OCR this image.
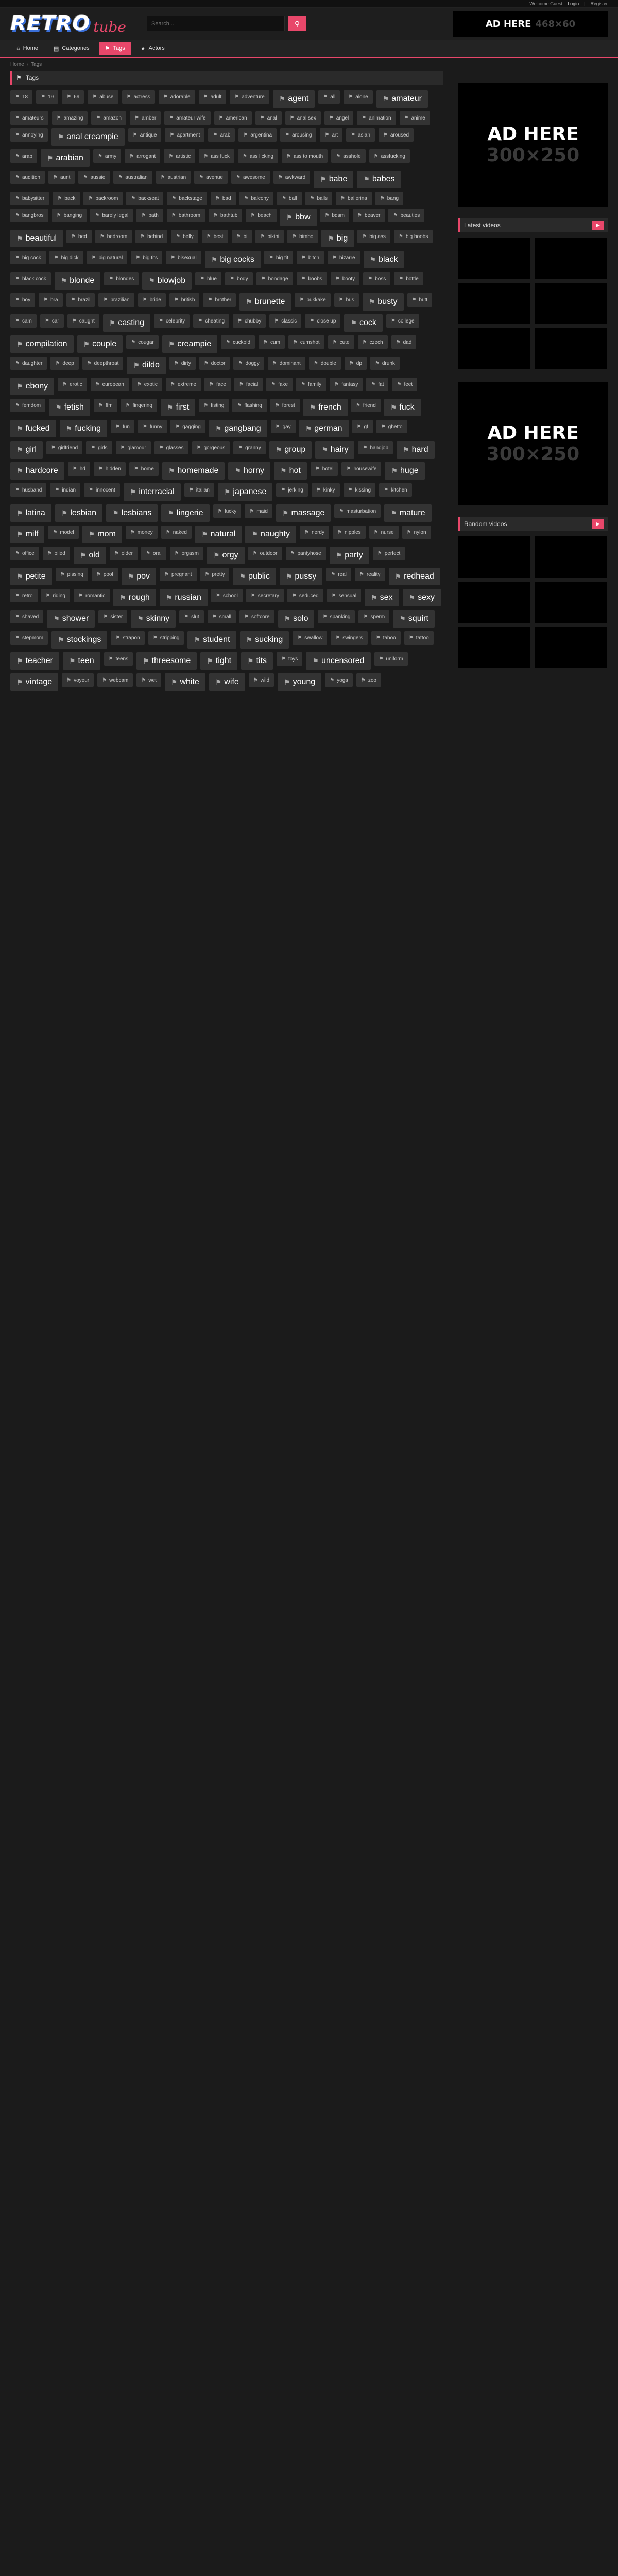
Welcome Guest Login | Register
RETRO tube
Search...	⚲	AD HERE 468×60
⌂ Home	▤ Categories	⚑ Tags	★ Actors
Home › Tags
⚑ Tags
⚑ 18	⚑ 19	⚑ 69	⚑ abuse	⚑ actress	⚑ adorable	⚑ adult	⚑ adventure ⚑ agent	⚑ all	⚑ alone ⚑ amateur
⚑ amateurs	⚑ amazing	⚑ amazon	⚑ amber	⚑ amateur wife	⚑ american	⚑ anal	⚑ anal sex	⚑ angel	⚑ animation	⚑ anime
⚑ annoying ⚑ anal creampie	⚑ antique	⚑ apartment	⚑ arab	⚑ argentina	⚑ arousing	⚑ art	⚑ asian	⚑ aroused
⚑ arab ⚑ arabian	⚑ army	⚑ arrogant	⚑ artistic	⚑ ass fuck	⚑ ass licking	⚑ ass to mouth	⚑ asshole	⚑ assfucking
⚑ audition	⚑ aunt	⚑ aussie	⚑ australian	⚑ austrian	⚑ avenue	⚑ awesome	⚑ awkward ⚑ babe ⚑ babes
⚑ babysitter	⚑ back	⚑ backroom	⚑ backseat	⚑ backstage	⚑ bad	⚑ balcony	⚑ ball	⚑ balls	⚑ ballerina	⚑ bang
⚑ bangbros	⚑ banging	⚑ barely legal	⚑ bath	⚑ bathroom	⚑ bathtub	⚑ beach ⚑ bbw	⚑ bdsm	⚑ beaver	⚑ beauties
⚑ beautiful	⚑ bed	⚑ bedroom	⚑ behind	⚑ belly	⚑ best	⚑ bi	⚑ bikini	⚑ bimbo ⚑ big	⚑ big ass	⚑ big boobs
⚑ big cock	⚑ big dick	⚑ big natural	⚑ big tits	⚑ bisexual ⚑ big cocks	⚑ big tit	⚑ bitch	⚑ bizarre ⚑ black
⚑ black cock ⚑ blonde	⚑ blondes ⚑ blowjob	⚑ blue	⚑ body	⚑ bondage	⚑ boobs	⚑ booty	⚑ boss	⚑ bottle
⚑ boy	⚑ bra	⚑ brazil	⚑ brazilian	⚑ bride	⚑ british	⚑ brother ⚑ brunette	⚑ bukkake	⚑ bus ⚑ busty	⚑ butt
⚑ cam	⚑ car	⚑ caught ⚑ casting	⚑ celebrity	⚑ cheating	⚑ chubby	⚑ classic	⚑ close up ⚑ cock	⚑ college
⚑ compilation ⚑ couple	⚑ cougar ⚑ creampie	⚑ cuckold	⚑ cum	⚑ cumshot	⚑ cute	⚑ czech	⚑ dad
⚑ daughter	⚑ deep	⚑ deepthroat ⚑ dildo	⚑ dirty	⚑ doctor	⚑ doggy	⚑ dominant	⚑ double	⚑ dp	⚑ drunk
⚑ ebony	⚑ erotic	⚑ european	⚑ exotic	⚑ extreme	⚑ face	⚑ facial	⚑ fake	⚑ family	⚑ fantasy	⚑ fat	⚑ feet
⚑ femdom ⚑ fetish	⚑ ffm	⚑ fingering ⚑ first	⚑ fisting	⚑ flashing	⚑ forest ⚑ french	⚑ friend ⚑ fuck
⚑ fucked ⚑ fucking	⚑ fun	⚑ funny	⚑ gagging ⚑ gangbang	⚑ gay ⚑ german	⚑ gf	⚑ ghetto
⚑ girl	⚑ girlfriend	⚑ girls	⚑ glamour	⚑ glasses	⚑ gorgeous	⚑ granny ⚑ group ⚑ hairy	⚑ handjob ⚑ hard
⚑ hardcore	⚑ hd	⚑ hidden	⚑ home ⚑ homemade ⚑ horny ⚑ hot	⚑ hotel	⚑ housewife ⚑ huge
⚑ husband	⚑ indian	⚑ innocent ⚑ interracial	⚑ italian ⚑ japanese	⚑ jerking	⚑ kinky	⚑ kissing	⚑ kitchen
⚑ latina ⚑ lesbian ⚑ lesbians ⚑ lingerie	⚑ lucky	⚑ maid ⚑ massage	⚑ masturbation ⚑ mature
⚑ milf	⚑ model ⚑ mom	⚑ money	⚑ naked ⚑ natural ⚑ naughty	⚑ nerdy	⚑ nipples	⚑ nurse	⚑ nylon
⚑ office	⚑ oiled ⚑ old	⚑ older	⚑ oral	⚑ orgasm ⚑ orgy	⚑ outdoor	⚑ pantyhose ⚑ party	⚑ perfect
⚑ petite	⚑ pissing	⚑ pool ⚑ pov	⚑ pregnant	⚑ pretty ⚑ public ⚑ pussy	⚑ real	⚑ reality ⚑ redhead
⚑ retro	⚑ riding	⚑ romantic ⚑ rough ⚑ russian	⚑ school	⚑ secretary	⚑ seduced	⚑ sensual ⚑ sex ⚑ sexy
⚑ shaved ⚑ shower	⚑ sister ⚑ skinny	⚑ slut	⚑ small	⚑ softcore ⚑ solo	⚑ spanking	⚑ sperm ⚑ squirt
⚑ stepmom ⚑ stockings	⚑ strapon	⚑ stripping ⚑ student ⚑ sucking	⚑ swallow	⚑ swingers	⚑ taboo	⚑ tattoo
⚑ teacher ⚑ teen	⚑ teens ⚑ threesome ⚑ tight ⚑ tits	⚑ toys ⚑ uncensored	⚑ uniform
⚑ vintage	⚑ voyeur	⚑ webcam	⚑ wet ⚑ white ⚑ wife	⚑ wild ⚑ young	⚑ yoga	⚑ zoo
AD HERE
300×250
Latest videos	▶
AD HERE
300×250
Random videos	▶
